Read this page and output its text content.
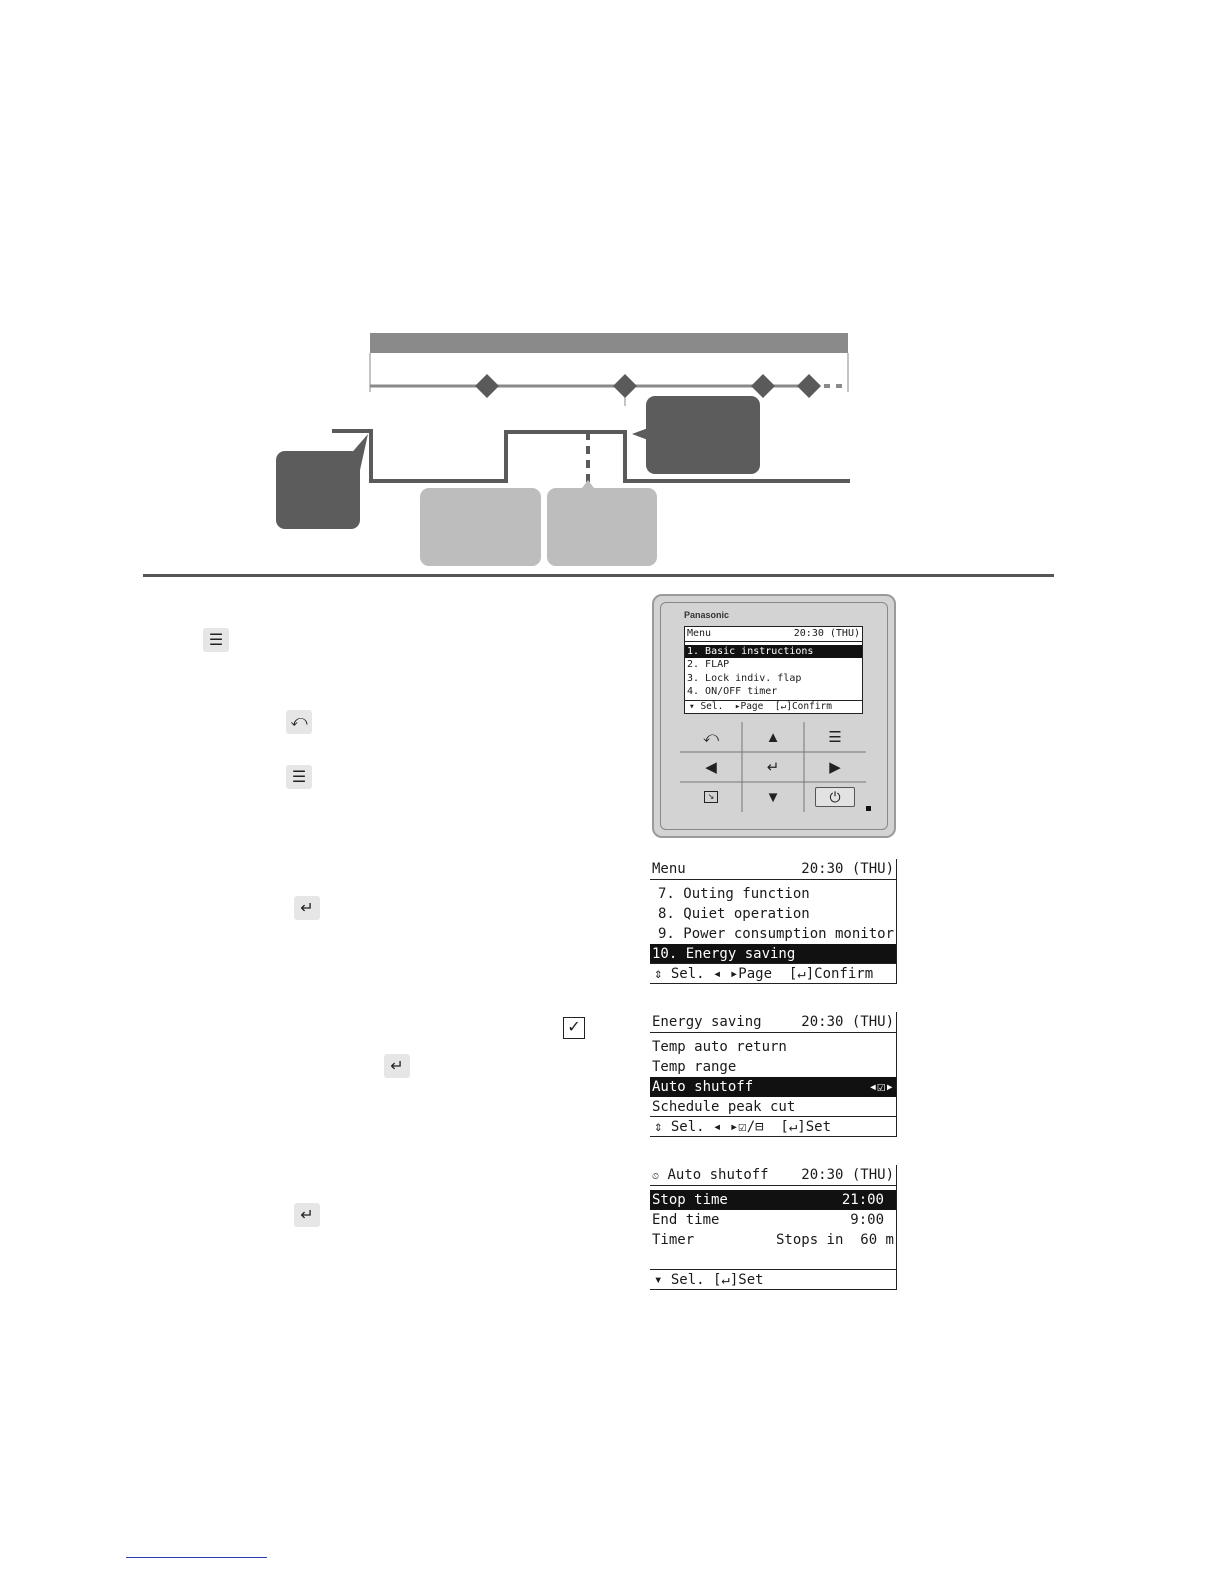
☰
⤺
☰
↵
✓
↵
↵
Panasonic
Menu	20:30 (THU)
1. Basic instructions
2. FLAP
3. Lock indiv. flap
4. ON/OFF timer
▾ Sel.  ▸Page  [↵]Confirm
⤺	▲	☰
◀	↵	▶
↘	▼	⏻
Menu	20:30 (THU)
7. Outing function
8. Quiet operation
9. Power consumption monitor
10. Energy saving
⇕ Sel. ◂ ▸Page  [↵]Confirm
Energy saving	20:30 (THU)
Temp auto return
Temp range
Auto shutoff	◂☑▸
Schedule peak cut
⇕ Sel. ◂ ▸☑/⊟  [↵]Set
⏲ Auto shutoff 20:30 (THU)
Stop time	21:00
End time	9:00
Timer	Stops in  60 m
▾ Sel. [↵]Set
